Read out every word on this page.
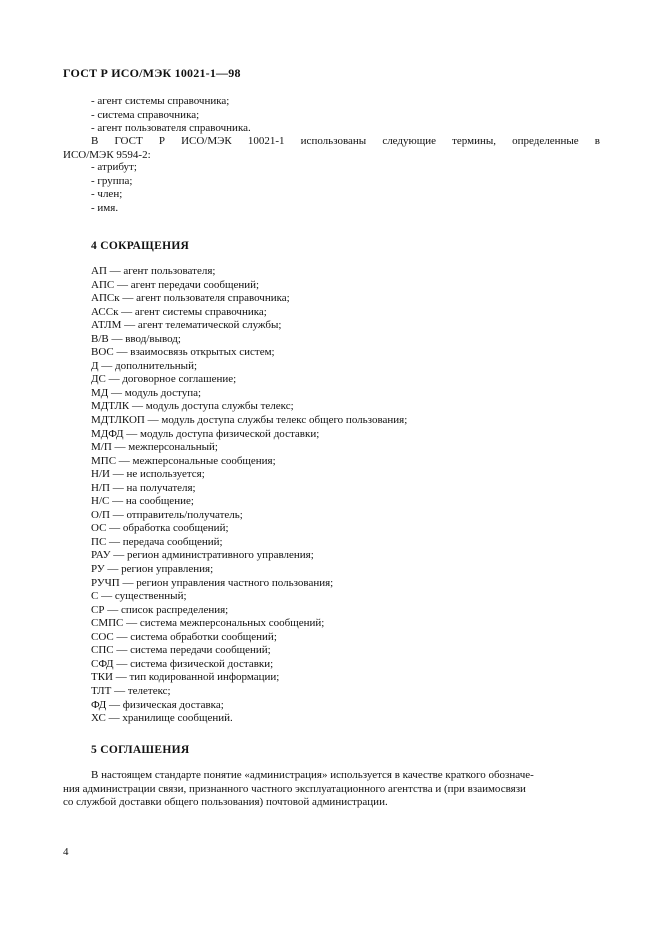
ГОСТ Р ИСО/МЭК 10021-1—98
- агент системы справочника;
- система справочника;
- агент пользователя справочника.
В ГОСТ Р ИСО/МЭК 10021-1 использованы следующие термины, определенные в
ИСО/МЭК 9594-2:
- атрибут;
- группа;
- член;
- имя.
4 СОКРАЩЕНИЯ
АП — агент пользователя;
АПС — агент передачи сообщений;
АПСк — агент пользователя справочника;
АССк — агент системы справочника;
АТЛМ — агент телематической службы;
В/В — ввод/вывод;
ВОС — взаимосвязь открытых систем;
Д — дополнительный;
ДС — договорное соглашение;
МД — модуль доступа;
МДТЛК — модуль доступа службы телекс;
МДТЛКОП — модуль доступа службы телекс общего пользования;
МДФД — модуль доступа физической доставки;
М/П — межперсональный;
МПС — межперсональные сообщения;
Н/И — не используется;
Н/П — на получателя;
Н/С — на сообщение;
О/П — отправитель/получатель;
ОС — обработка сообщений;
ПС — передача сообщений;
РАУ — регион административного управления;
РУ — регион управления;
РУЧП — регион управления частного пользования;
С — существенный;
СР — список распределения;
СМПС — система межперсональных сообщений;
СОС — система обработки сообщений;
СПС — система передачи сообщений;
СФД — система физической доставки;
ТКИ — тип кодированной информации;
ТЛТ — телетекс;
ФД — физическая доставка;
ХС — хранилище сообщений.
5 СОГЛАШЕНИЯ
В настоящем стандарте понятие «администрация» используется в качестве краткого обозначе-
ния администрации связи, признанного частного эксплуатационного агентства и (при взаимосвязи
со службой доставки общего пользования) почтовой администрации.
4
